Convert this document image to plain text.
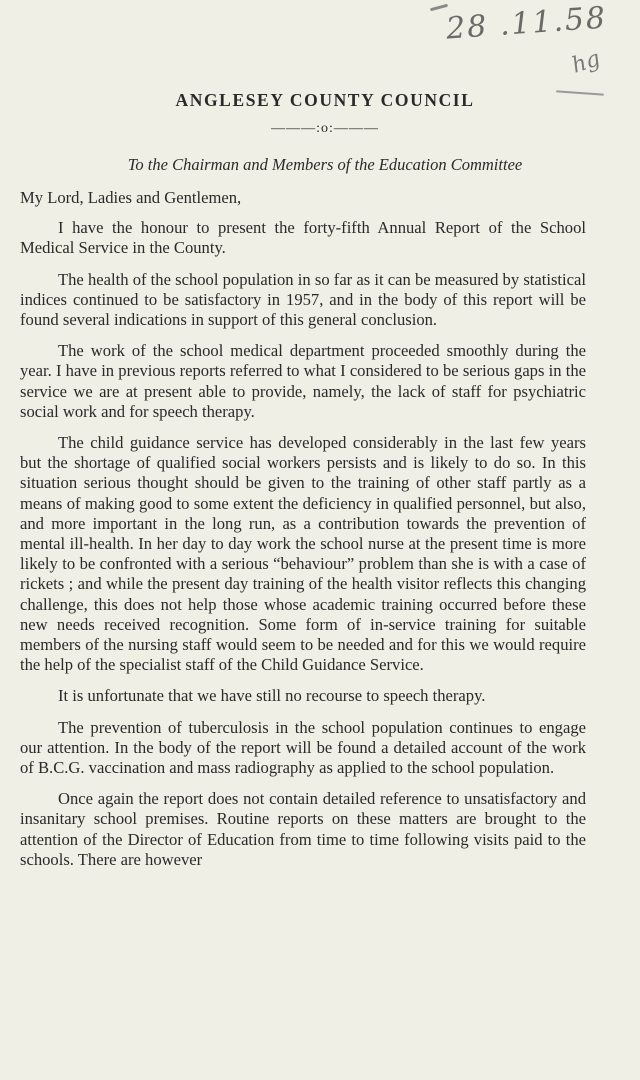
28 .11.58
hg
ANGLESEY COUNTY COUNCIL
———:o:———
To the Chairman and Members of the Education Committee

My Lord, Ladies and Gentlemen,

I have the honour to present the forty-fifth Annual Report of the School Medical Service in the County.

The health of the school population in so far as it can be measured by statistical indices continued to be satisfactory in 1957, and in the body of this report will be found several indications in support of this general conclusion.

The work of the school medical department proceeded smoothly during the year. I have in previous reports referred to what I considered to be serious gaps in the service we are at present able to provide, namely, the lack of staff for psychiatric social work and for speech therapy.

The child guidance service has developed considerably in the last few years but the shortage of qualified social workers persists and is likely to do so. In this situation serious thought should be given to the training of other staff partly as a means of making good to some extent the deficiency in qualified personnel, but also, and more important in the long run, as a contribution towards the prevention of mental ill-health. In her day to day work the school nurse at the present time is more likely to be confronted with a serious “behaviour” problem than she is with a case of rickets ; and while the present day training of the health visitor reflects this changing challenge, this does not help those whose academic training occurred before these new needs received recognition. Some form of in-service training for suitable members of the nursing staff would seem to be needed and for this we would require the help of the specialist staff of the Child Guidance Service.

It is unfortunate that we have still no recourse to speech therapy.

The prevention of tuberculosis in the school population continues to engage our attention. In the body of the report will be found a detailed account of the work of B.C.G. vaccination and mass radiography as applied to the school population.

Once again the report does not contain detailed reference to unsatisfactory and insanitary school premises. Routine reports on these matters are brought to the attention of the Director of Education from time to time following visits paid to the schools. There are however
